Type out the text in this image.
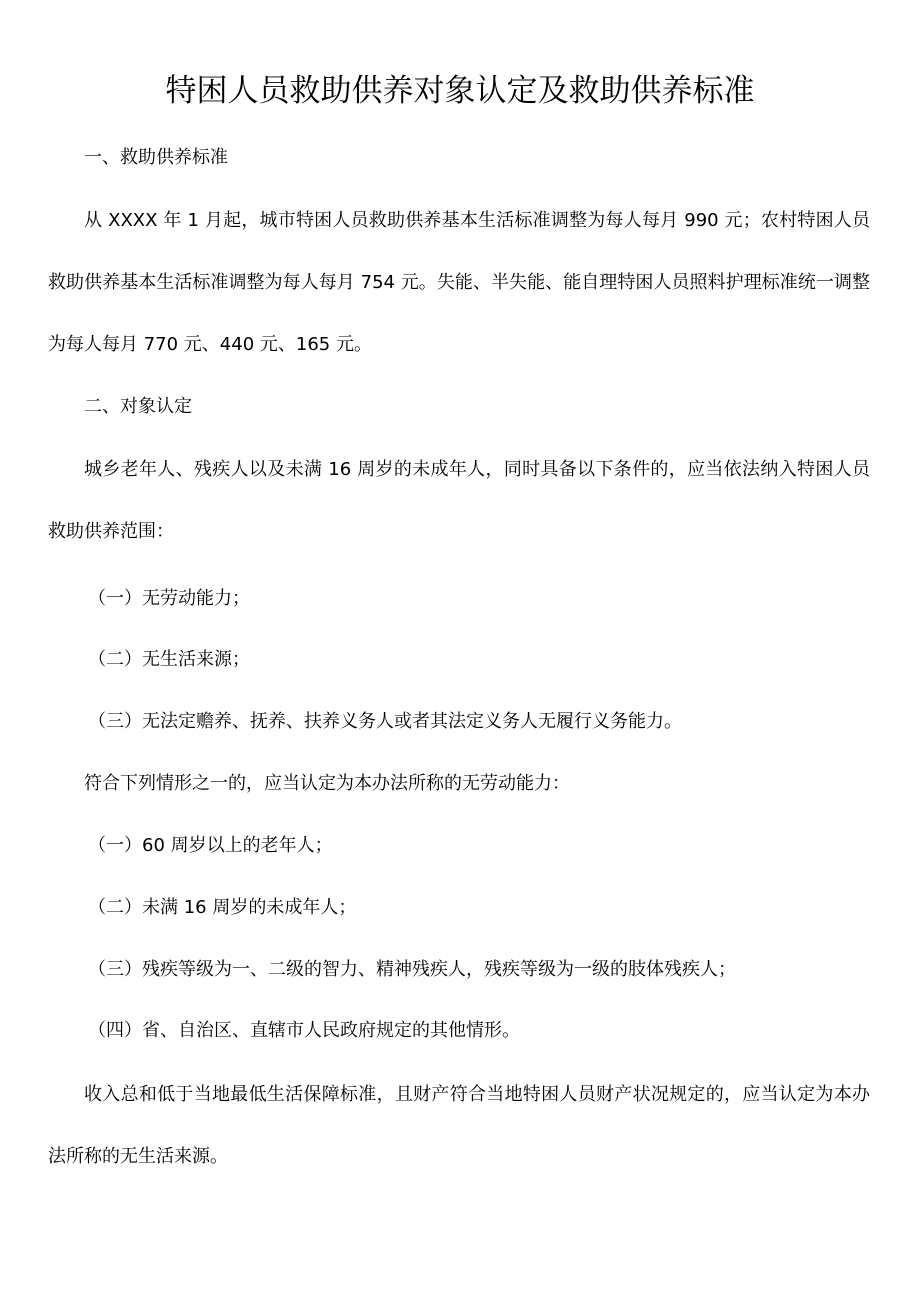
特困人员救助供养对象认定及救助供养标准

一、救助供养标准

从 XXXX 年 1 月起，城市特困人员救助供养基本生活标准调整为每人每月 990 元；农村特困人员救助供养基本生活标准调整为每人每月 754 元。失能、半失能、能自理特困人员照料护理标准统一调整为每人每月 770 元、440 元、165 元。

二、对象认定

城乡老年人、残疾人以及未满 16 周岁的未成年人，同时具备以下条件的，应当依法纳入特困人员救助供养范围：

（一）无劳动能力；

（二）无生活来源；

（三）无法定赡养、抚养、扶养义务人或者其法定义务人无履行义务能力。

符合下列情形之一的，应当认定为本办法所称的无劳动能力：

（一）60 周岁以上的老年人；

（二）未满 16 周岁的未成年人；

（三）残疾等级为一、二级的智力、精神残疾人，残疾等级为一级的肢体残疾人；

（四）省、自治区、直辖市人民政府规定的其他情形。

收入总和低于当地最低生活保障标准，且财产符合当地特困人员财产状况规定的，应当认定为本办法所称的无生活来源。
